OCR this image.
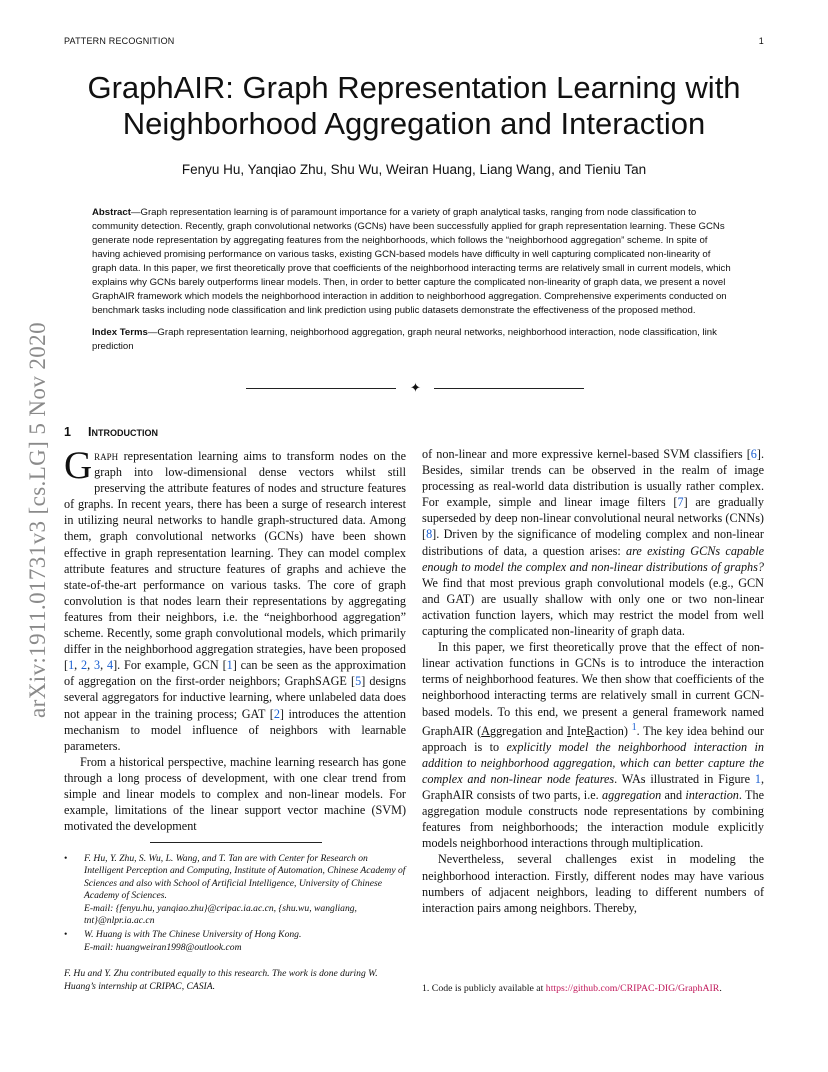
PATTERN RECOGNITION	1
arXiv:1911.01731v3 [cs.LG] 5 Nov 2020
GraphAIR: Graph Representation Learning with
Neighborhood Aggregation and Interaction
Fenyu Hu, Yanqiao Zhu, Shu Wu, Weiran Huang, Liang Wang, and Tieniu Tan

Abstract—Graph representation learning is of paramount importance for a variety of graph analytical tasks, ranging from node classification to community detection. Recently, graph convolutional networks (GCNs) have been successfully applied for graph representation learning. These GCNs generate node representation by aggregating features from the neighborhoods, which follows the “neighborhood aggregation” scheme. In spite of having achieved promising performance on various tasks, existing GCN-based models have difficulty in well capturing complicated non-linearity of graph data. In this paper, we first theoretically prove that coefficients of the neighborhood interacting terms are relatively small in current models, which explains why GCNs barely outperforms linear models. Then, in order to better capture the complicated non-linearity of graph data, we present a novel GraphAIR framework which models the neighborhood interaction in addition to neighborhood aggregation. Comprehensive experiments conducted on benchmark tasks including node classification and link prediction using public datasets demonstrate the effectiveness of the proposed method.

Index Terms—Graph representation learning, neighborhood aggregation, graph neural networks, neighborhood interaction, node classification, link prediction

✦
1 Introduction

Graph representation learning aims to transform nodes on the graph into low-dimensional dense vectors whilst still preserving the attribute features of nodes and structure features of graphs. In recent years, there has been a surge of research interest in utilizing neural networks to handle graph-structured data. Among them, graph convolutional networks (GCNs) have been shown effective in graph representation learning. They can model complex attribute features and structure features of graphs and achieve the state-of-the-art performance on various tasks. The core of graph convolution is that nodes learn their representations by aggregating features from their neighbors, i.e. the “neighborhood aggregation” scheme. Recently, some graph convolutional models, which primarily differ in the neighborhood aggregation strategies, have been proposed [1, 2, 3, 4]. For example, GCN [1] can be seen as the approximation of aggregation on the first-order neighbors; GraphSAGE [5] designs several aggregators for inductive learning, where unlabeled data does not appear in the training process; GAT [2] introduces the attention mechanism to model influence of neighbors with learnable parameters.

From a historical perspective, machine learning research has gone through a long process of development, with one clear trend from simple and linear models to complex and non-linear models. For example, limitations of the linear support vector machine (SVM) motivated the development

of non-linear and more expressive kernel-based SVM classifiers [6]. Besides, similar trends can be observed in the realm of image processing as real-world data distribution is usually rather complex. For example, simple and linear image filters [7] are gradually superseded by deep non-linear convolutional neural networks (CNNs) [8]. Driven by the significance of modeling complex and non-linear distributions of data, a question arises: are existing GCNs capable enough to model the complex and non-linear distributions of graphs? We find that most previous graph convolutional models (e.g., GCN and GAT) are usually shallow with only one or two non-linear activation function layers, which may restrict the model from well capturing the complicated non-linearity of graph data.

In this paper, we first theoretically prove that the effect of non-linear activation functions in GCNs is to introduce the interaction terms of neighborhood features. We then show that coefficients of the neighborhood interacting terms are relatively small in current GCN-based models. To this end, we present a general framework named GraphAIR (Aggregation and InteRaction) $^1$. The key idea behind our approach is to explicitly model the neighborhood interaction in addition to neighborhood aggregation, which can better capture the complex and non-linear node features. WAs illustrated in Figure 1, GraphAIR consists of two parts, i.e. aggregation and interaction. The aggregation module constructs node representations by combining features from neighborhoods; the interaction module explicitly models neighborhood interactions through multiplication.

Nevertheless, several challenges exist in modeling the neighborhood interaction. Firstly, different nodes may have various numbers of adjacent neighbors, leading to different numbers of interaction pairs among neighbors. Thereby,

• F. Hu, Y. Zhu, S. Wu, L. Wang, and T. Tan are with Center for Research on Intelligent Perception and Computing, Institute of Automation, Chinese Academy of Sciences and also with School of Artificial Intelligence, University of Chinese Academy of Sciences.
E-mail: {fenyu.hu, yanqiao.zhu}@cripac.ia.ac.cn, {shu.wu, wangliang, tnt}@nlpr.ia.ac.cn
• W. Huang is with The Chinese University of Hong Kong.
E-mail: huangweiran1998@outlook.com
F. Hu and Y. Zhu contributed equally to this research. The work is done during W. Huang’s internship at CRIPAC, CASIA.	1. Code is publicly available at https://github.com/CRIPAC-DIG/GraphAIR.
